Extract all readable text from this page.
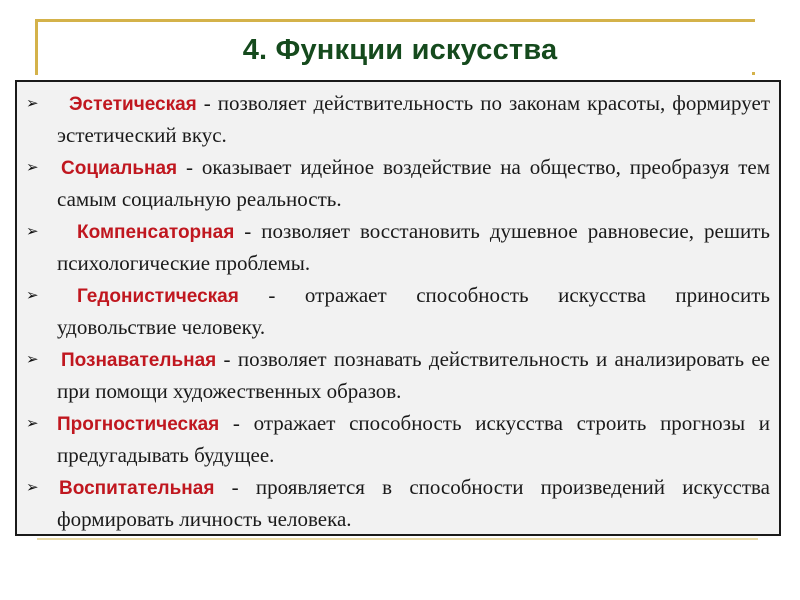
4. Функции искусства
➢	Эстетическая - позволяет действительность по законам красоты, формирует эстетический вкус.
➢	Социальная - оказывает идейное воздействие на общество, преобразуя тем самым социальную реальность.
➢	Компенсаторная - позволяет восстановить душевное равновесие, решить психологические проблемы.
➢	Гедонистическая - отражает способность искусства приносить удовольствие человеку.
➢	Познавательная - позволяет познавать действительность и анализировать ее при помощи художественных образов.
➢ Прогностическая - отражает способность искусства строить прогнозы и предугадывать будущее.
➢	Воспитательная - проявляется в способности произведений искусства формировать личность человека.
